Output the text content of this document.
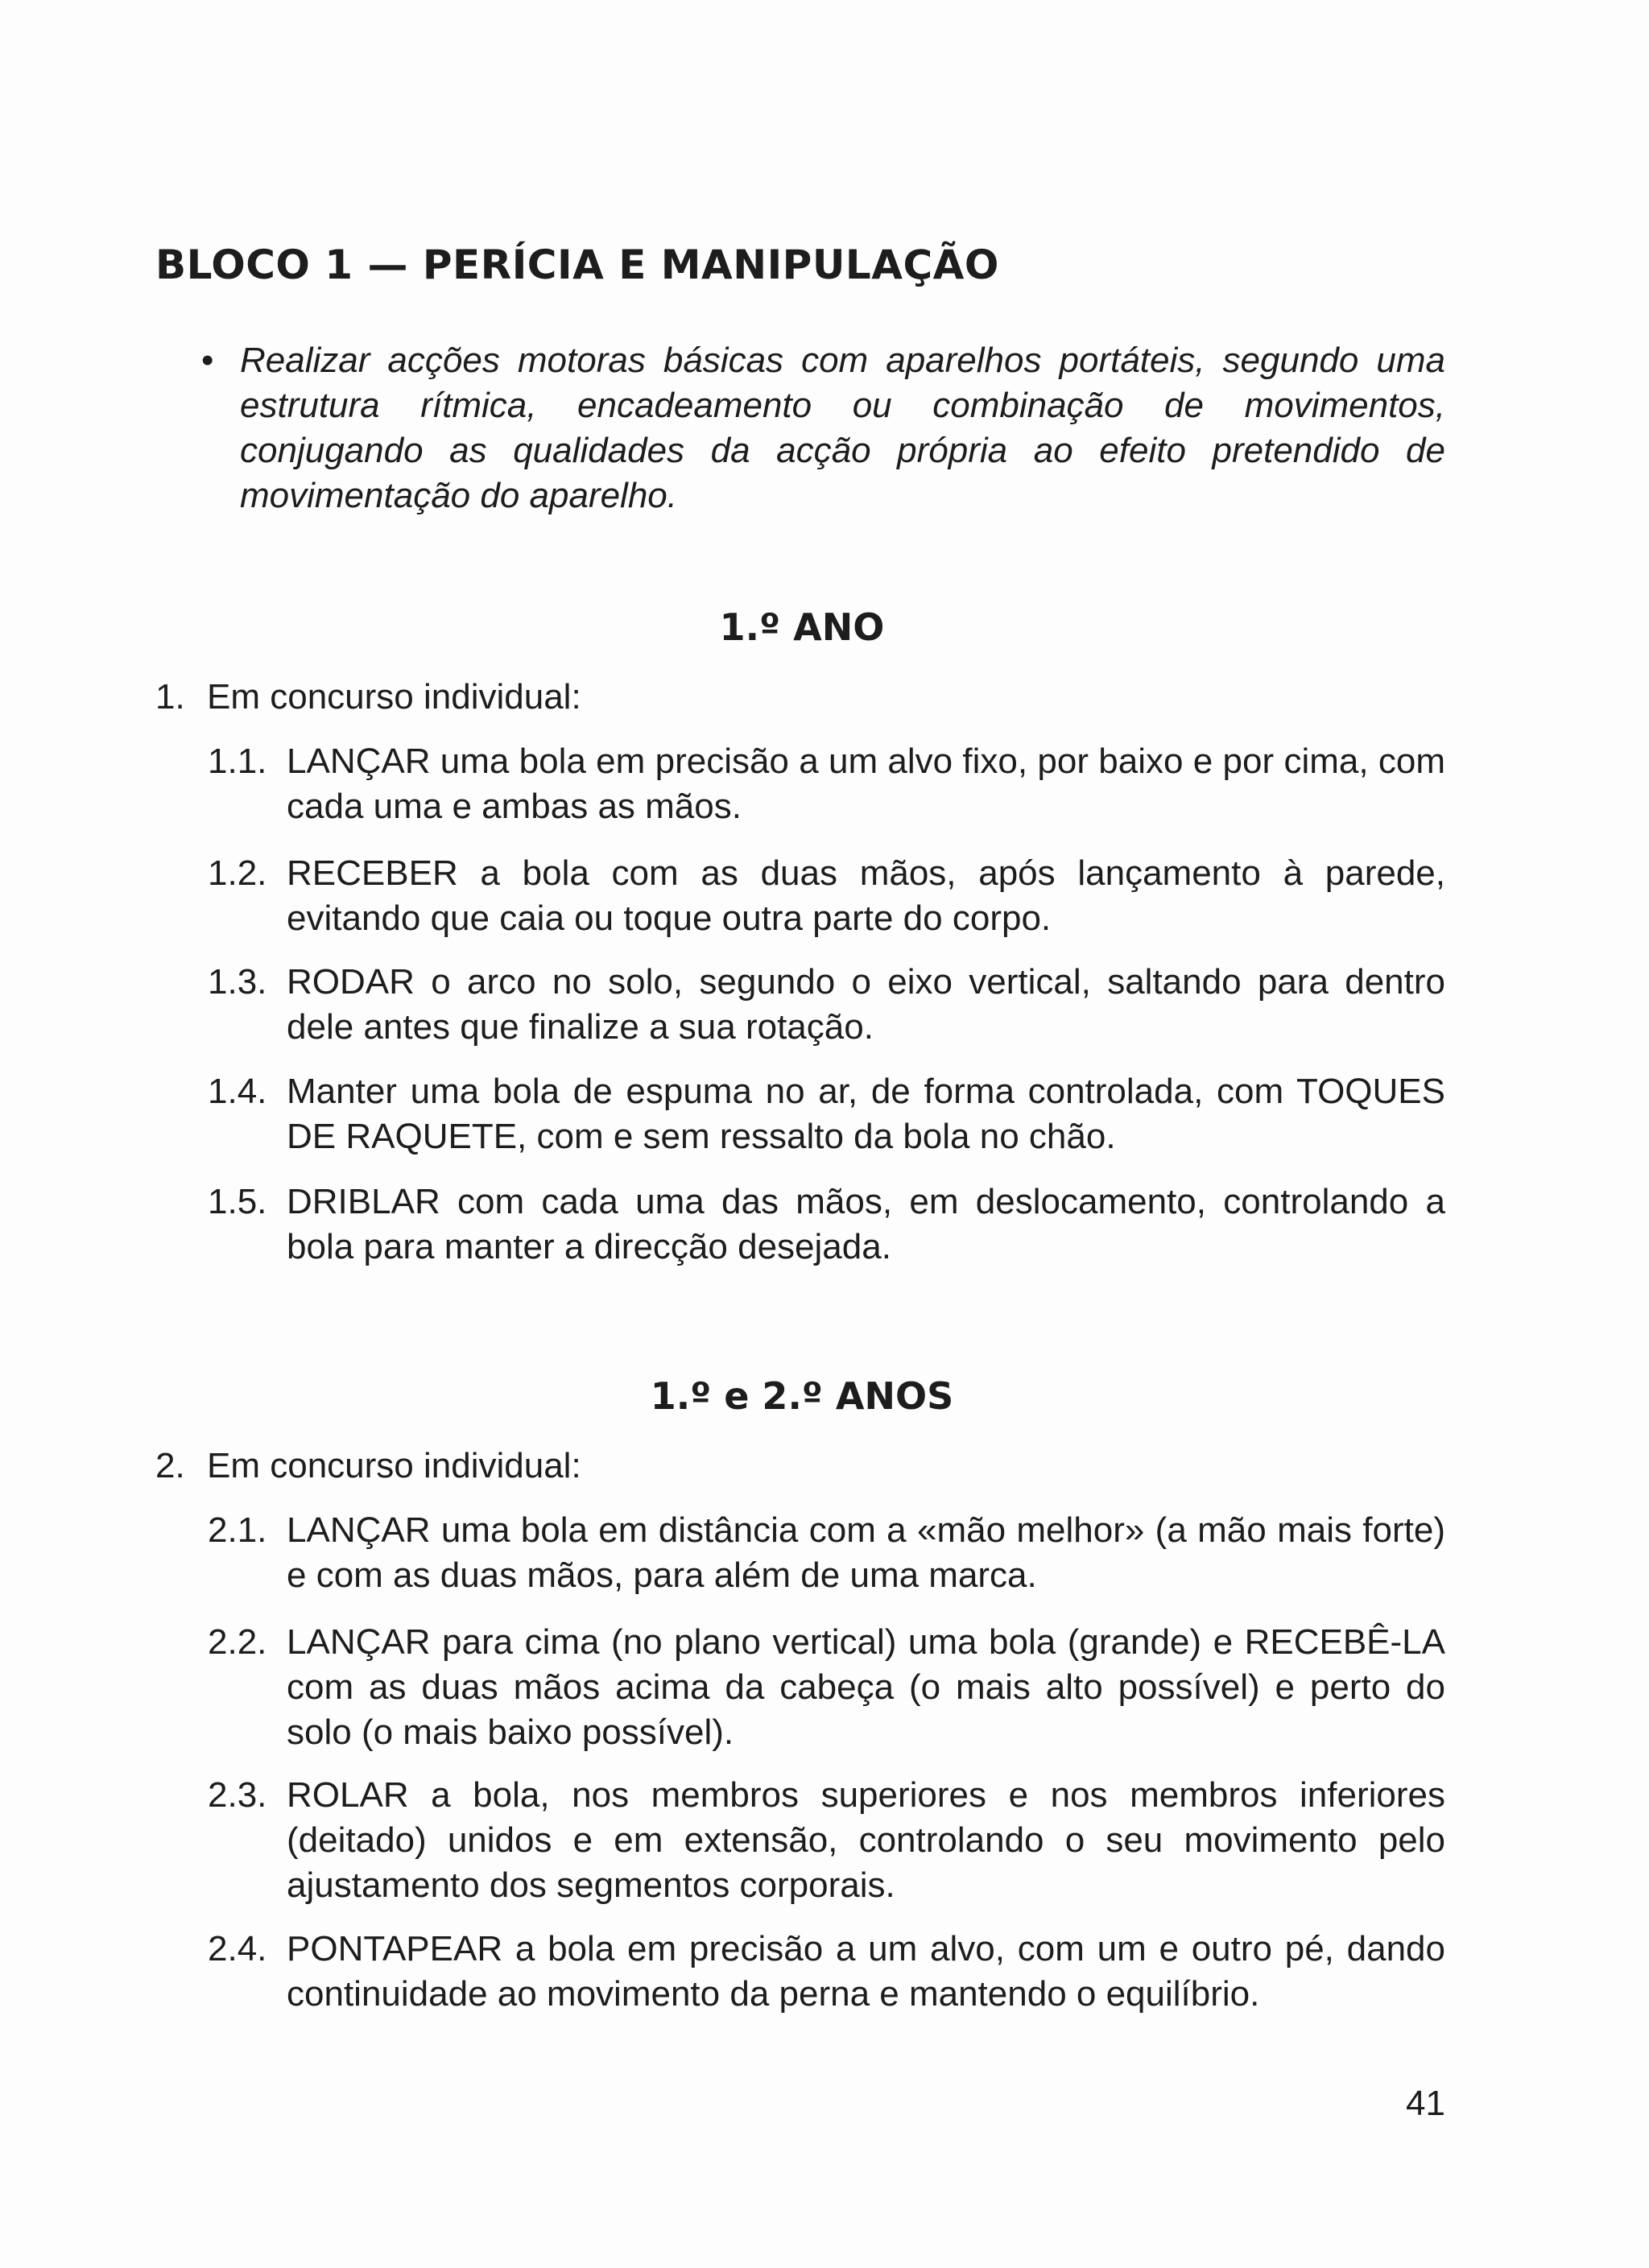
BLOCO 1 — PERÍCIA E MANIPULAÇÃO
• Realizar acções motoras básicas com aparelhos portáteis, segundo uma estrutura rítmica, encadeamento ou combinação de movimentos, conjugando as qualidades da acção própria ao efeito pretendido de movimentação do aparelho.
1.º ANO
1. Em concurso individual:
1.1. LANÇAR uma bola em precisão a um alvo fixo, por baixo e por cima, com cada uma e ambas as mãos.
1.2. RECEBER a bola com as duas mãos, após lançamento à parede, evitando que caia ou toque outra parte do corpo.
1.3. RODAR o arco no solo, segundo o eixo vertical, saltando para dentro dele antes que finalize a sua rotação.
1.4. Manter uma bola de espuma no ar, de forma controlada, com TOQUES DE RAQUETE, com e sem ressalto da bola no chão.
1.5. DRIBLAR com cada uma das mãos, em deslocamento, controlando a bola para manter a direcção desejada.
1.º e 2.º ANOS
2. Em concurso individual:
2.1. LANÇAR uma bola em distância com a «mão melhor» (a mão mais forte) e com as duas mãos, para além de uma marca.
2.2. LANÇAR para cima (no plano vertical) uma bola (grande) e RECEBÊ-LA com as duas mãos acima da cabeça (o mais alto possível) e perto do solo (o mais baixo possível).
2.3. ROLAR a bola, nos membros superiores e nos membros inferiores (deitado) unidos e em extensão, controlando o seu movimento pelo ajustamento dos segmentos corporais.
2.4. PONTAPEAR a bola em precisão a um alvo, com um e outro pé, dando continuidade ao movimento da perna e mantendo o equilíbrio.
41
